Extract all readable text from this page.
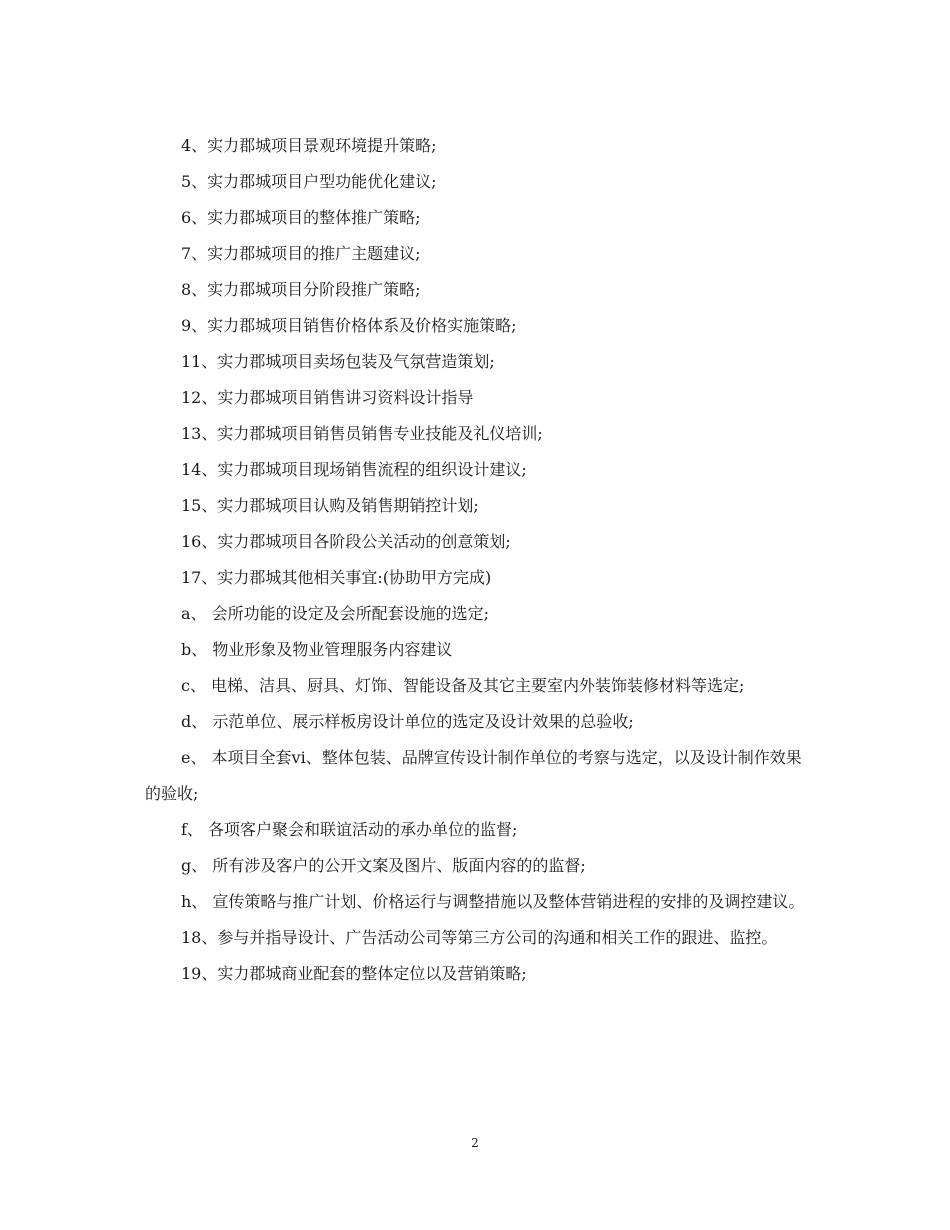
4、实力郡城项目景观环境提升策略;

5、实力郡城项目户型功能优化建议;

6、实力郡城项目的整体推广策略;

7、实力郡城项目的推广主题建议;

8、实力郡城项目分阶段推广策略;

9、实力郡城项目销售价格体系及价格实施策略;

11、实力郡城项目卖场包装及气氛营造策划;

12、实力郡城项目销售讲习资料设计指导

13、实力郡城项目销售员销售专业技能及礼仪培训;

14、实力郡城项目现场销售流程的组织设计建议;

15、实力郡城项目认购及销售期销控计划;

16、实力郡城项目各阶段公关活动的创意策划;

17、实力郡城其他相关事宜:(协助甲方完成)

a、 会所功能的设定及会所配套设施的选定;

b、 物业形象及物业管理服务内容建议

c、 电梯、洁具、厨具、灯饰、智能设备及其它主要室内外装饰装修材料等选定;

d、 示范单位、展示样板房设计单位的选定及设计效果的总验收;

e、 本项目全套vi、整体包装、品牌宣传设计制作单位的考察与选定，以及设计制作效果的验收;

f、 各项客户聚会和联谊活动的承办单位的监督;

g、 所有涉及客户的公开文案及图片、版面内容的的监督;

h、 宣传策略与推广计划、价格运行与调整措施以及整体营销进程的安排的及调控建议。

18、参与并指导设计、广告活动公司等第三方公司的沟通和相关工作的跟进、监控。

19、实力郡城商业配套的整体定位以及营销策略;

2
